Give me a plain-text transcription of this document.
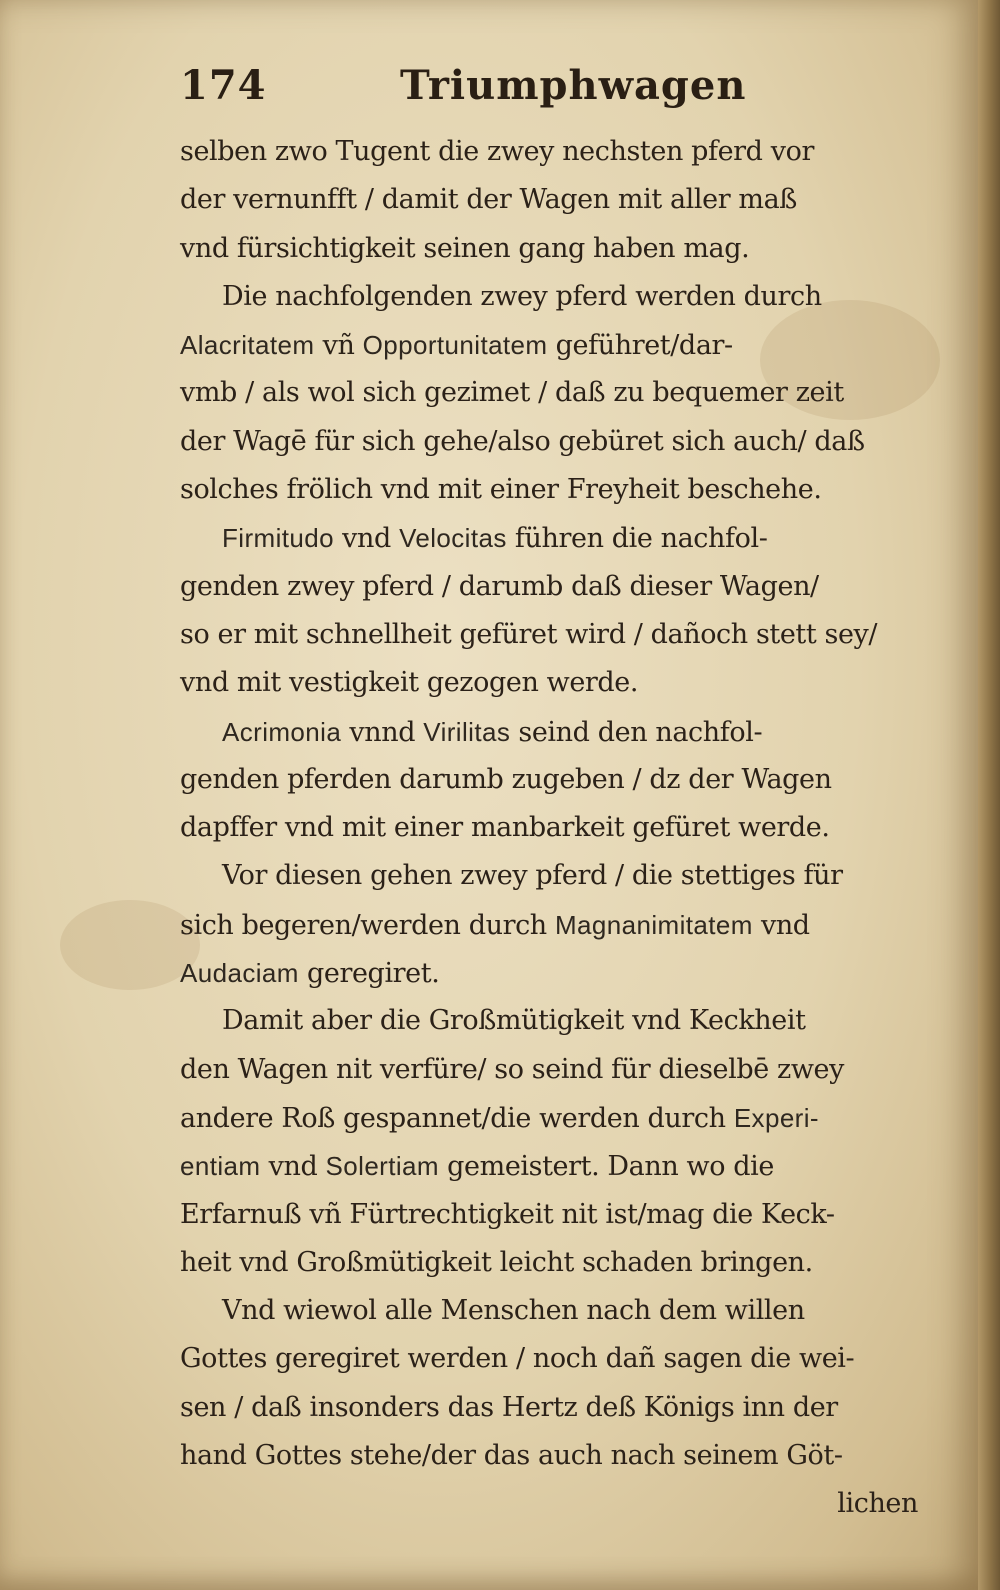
174	Triumphwagen
selben zwo Tugent die zwey nechsten pferd vor
der vernunfft / damit der Wagen mit aller maß
vnd fürsichtigkeit seinen gang haben mag.
Die nachfolgenden zwey pferd werden durch
Alacritatem vñ Opportunitatem geführet/dar-
vmb / als wol sich gezimet / daß zu bequemer zeit
der Wagē für sich gehe/also gebüret sich auch/ daß
solches frölich vnd mit einer Freyheit beschehe.
Firmitudo vnd Velocitas führen die nachfol-
genden zwey pferd / darumb daß dieser Wagen/
so er mit schnellheit gefüret wird / dañoch stett sey/
vnd mit vestigkeit gezogen werde.
Acrimonia vnnd Virilitas seind den nachfol-
genden pferden darumb zugeben / dz der Wagen
dapffer vnd mit einer manbarkeit gefüret werde.
Vor diesen gehen zwey pferd / die stettiges für
sich begeren/werden durch Magnanimitatem vnd
Audaciam geregiret.
Damit aber die Großmütigkeit vnd Keckheit
den Wagen nit verfüre/ so seind für dieselbē zwey
andere Roß gespannet/die werden durch Experi-
entiam vnd Solertiam gemeistert. Dann wo die
Erfarnuß vñ Fürtrechtigkeit nit ist/mag die Keck-
heit vnd Großmütigkeit leicht schaden bringen.
Vnd wiewol alle Menschen nach dem willen
Gottes geregiret werden / noch dañ sagen die wei-
sen / daß insonders das Hertz deß Königs inn der
hand Gottes stehe/der das auch nach seinem Göt-
lichen
